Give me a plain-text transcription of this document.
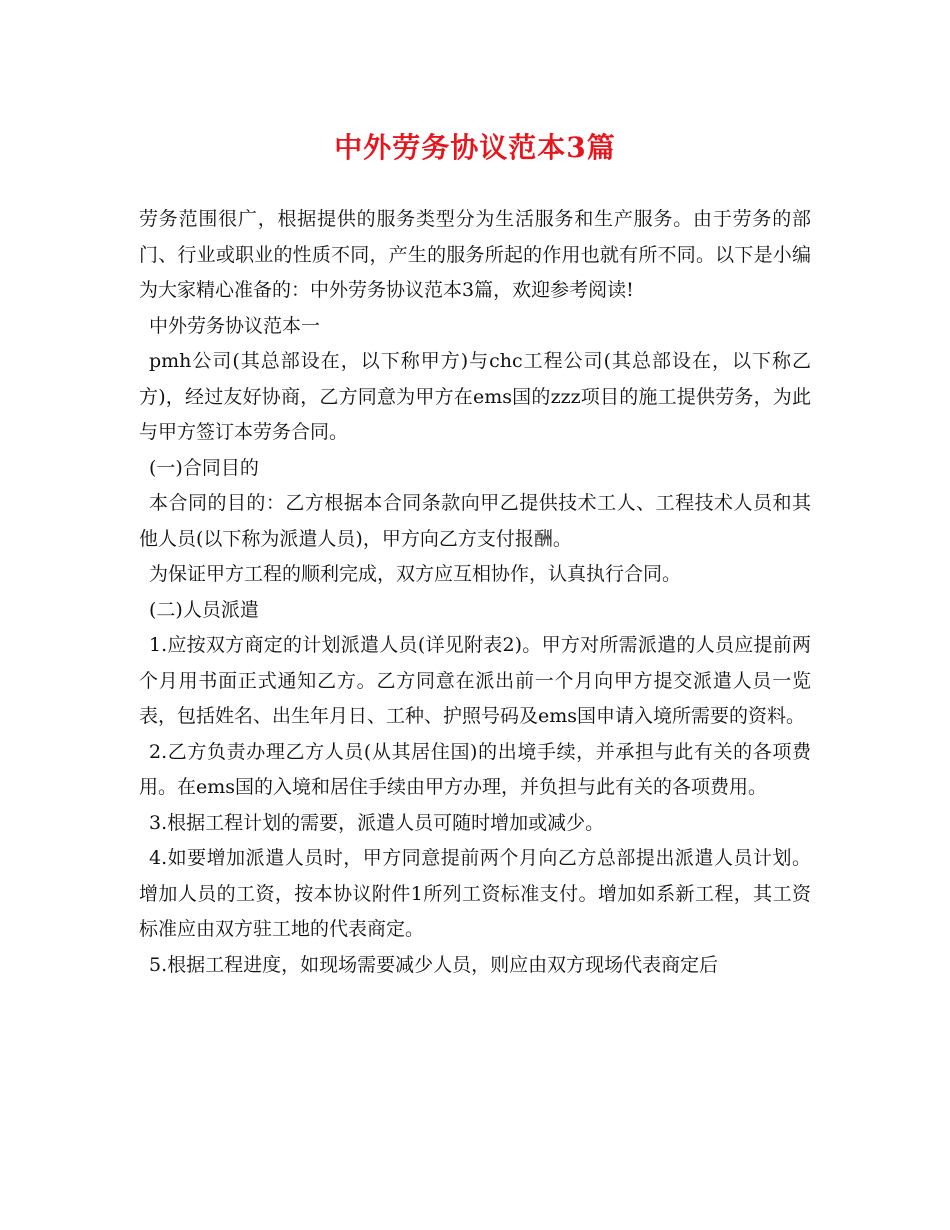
中外劳务协议范本3篇

劳务范围很广，根据提供的服务类型分为生活服务和生产服务。由于劳务的部门、行业或职业的性质不同，产生的服务所起的作用也就有所不同。以下是小编为大家精心准备的：中外劳务协议范本3篇，欢迎参考阅读!

中外劳务协议范本一

pmh公司(其总部设在，以下称甲方)与chc工程公司(其总部设在，以下称乙方)，经过友好协商，乙方同意为甲方在ems国的zzz项目的施工提供劳务，为此与甲方签订本劳务合同。

(一)合同目的

本合同的目的：乙方根据本合同条款向甲乙提供技术工人、工程技术人员和其他人员(以下称为派遣人员)，甲方向乙方支付报酬。

为保证甲方工程的顺利完成，双方应互相协作，认真执行合同。

(二)人员派遣

1.应按双方商定的计划派遣人员(详见附表2)。甲方对所需派遣的人员应提前两个月用书面正式通知乙方。乙方同意在派出前一个月向甲方提交派遣人员一览表，包括姓名、出生年月日、工种、护照号码及ems国申请入境所需要的资料。

2.乙方负责办理乙方人员(从其居住国)的出境手续，并承担与此有关的各项费用。在ems国的入境和居住手续由甲方办理，并负担与此有关的各项费用。

3.根据工程计划的需要，派遣人员可随时增加或减少。

4.如要增加派遣人员时，甲方同意提前两个月向乙方总部提出派遣人员计划。增加人员的工资，按本协议附件1所列工资标准支付。增加如系新工程，其工资标准应由双方驻工地的代表商定。

5.根据工程进度，如现场需要减少人员，则应由双方现场代表商定后
